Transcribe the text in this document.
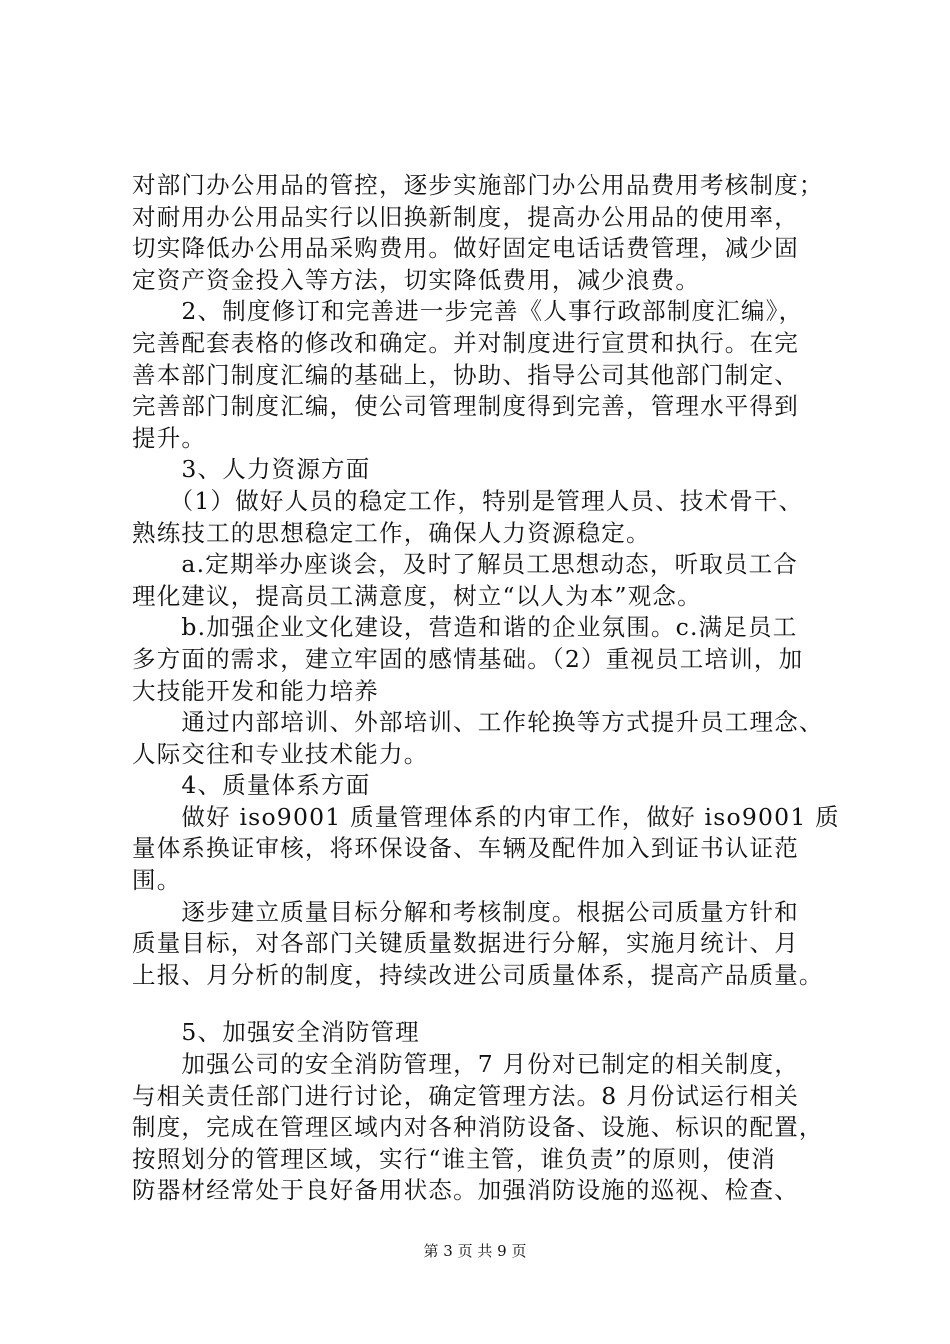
对部门办公用品的管控，逐步实施部门办公用品费用考核制度；
对耐用办公用品实行以旧换新制度，提高办公用品的使用率，
切实降低办公用品采购费用。做好固定电话话费管理，减少固
定资产资金投入等方法，切实降低费用，减少浪费。
　　2、制度修订和完善进一步完善《人事行政部制度汇编》，
完善配套表格的修改和确定。并对制度进行宣贯和执行。在完
善本部门制度汇编的基础上，协助、指导公司其他部门制定、
完善部门制度汇编，使公司管理制度得到完善，管理水平得到
提升。
　　3、人力资源方面
　　（1）做好人员的稳定工作，特别是管理人员、技术骨干、
熟练技工的思想稳定工作，确保人力资源稳定。
　　a.定期举办座谈会，及时了解员工思想动态，听取员工合
理化建议，提高员工满意度，树立“以人为本”观念。
　　b.加强企业文化建设，营造和谐的企业氛围。c.满足员工
多方面的需求，建立牢固的感情基础。（2）重视员工培训，加
大技能开发和能力培养
　　通过内部培训、外部培训、工作轮换等方式提升员工理念、
人际交往和专业技术能力。
　　4、质量体系方面
　　做好 iso9001 质量管理体系的内审工作，做好 iso9001 质
量体系换证审核，将环保设备、车辆及配件加入到证书认证范
围。
　　逐步建立质量目标分解和考核制度。根据公司质量方针和
质量目标，对各部门关键质量数据进行分解，实施月统计、月
上报、月分析的制度，持续改进公司质量体系，提高产品质量。
　　5、加强安全消防管理
　　加强公司的安全消防管理，7 月份对已制定的相关制度，
与相关责任部门进行讨论，确定管理方法。8 月份试运行相关
制度，完成在管理区域内对各种消防设备、设施、标识的配置，
按照划分的管理区域，实行“谁主管，谁负责”的原则，使消
防器材经常处于良好备用状态。加强消防设施的巡视、检查、
第 3 页 共 9 页
